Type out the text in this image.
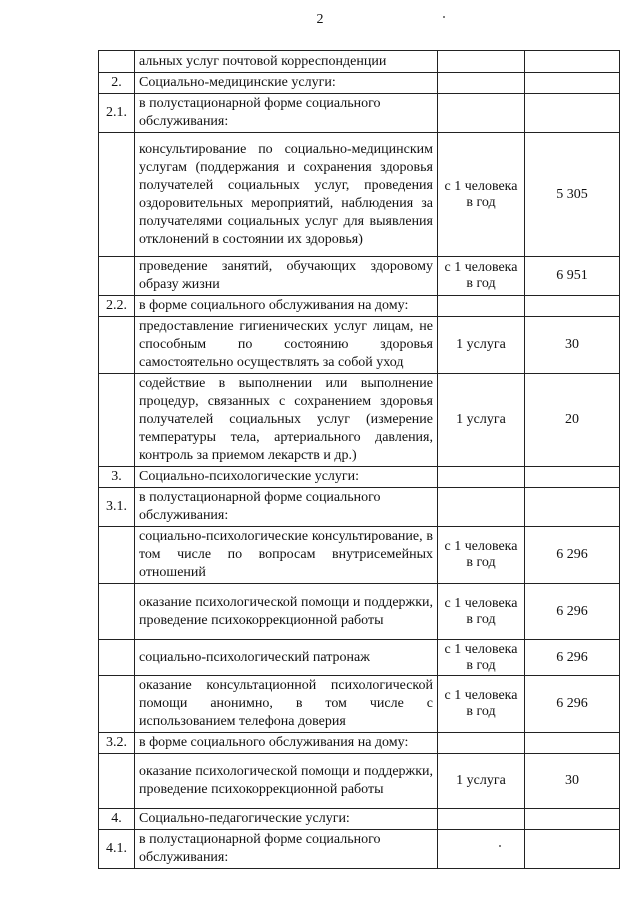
2
	альных услуг почтовой корреспонденции		
2.	Социально-медицинские услуги:		
2.1.	в полустационарной форме социального обслуживания:		
	консультирование по социально-медицинским услугам (поддержания и сохранения здоровья получателей социальных услуг, проведения оздоровительных мероприятий, наблюдения за получателями социальных услуг для выявления отклонений в состоянии их здоровья)	с 1 человека в год	5 305
	проведение занятий, обучающих здоровому образу жизни	с 1 человека в год	6 951
2.2.	в форме социального обслуживания на дому:		
	предоставление гигиенических услуг лицам, не способным по состоянию здоровья самостоятельно осуществлять за собой уход	1 услуга	30
	содействие в выполнении или выполнение процедур, связанных с сохранением здоровья получателей социальных услуг (измерение температуры тела, артериального давления, контроль за приемом лекарств и др.)	1 услуга	20
3.	Социально-психологические услуги:		
3.1.	в полустационарной форме социального обслуживания:		
	социально-психологические консультирование, в том числе по вопросам внутрисемейных отношений	с 1 человека в год	6 296
	оказание психологической помощи и поддержки, проведение психокоррекционной работы	с 1 человека в год	6 296
	социально-психологический патронаж	с 1 человека в год	6 296
	оказание консультационной психологической помощи анонимно, в том числе с использованием телефона доверия	с 1 человека в год	6 296
3.2.	в форме социального обслуживания на дому:		
	оказание психологической помощи и поддержки, проведение психокоррекционной работы	1 услуга	30
4.	Социально-педагогические услуги:		
4.1.	в полустационарной форме социального обслуживания:		
